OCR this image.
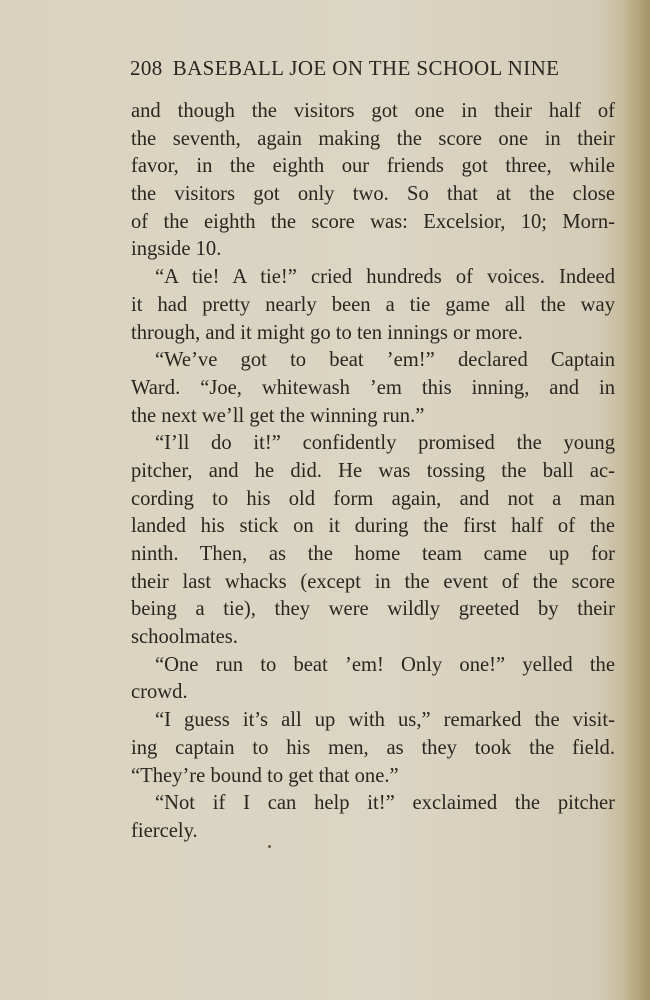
208 BASEBALL JOE ON THE SCHOOL NINE
and though the visitors got one in their half of
the seventh, again making the score one in their
favor, in the eighth our friends got three, while
the visitors got only two. So that at the close
of the eighth the score was: Excelsior, 10; Morn-
ingside 10.
“A tie! A tie!” cried hundreds of voices. Indeed
it had pretty nearly been a tie game all the way
through, and it might go to ten innings or more.
“We’ve got to beat ’em!” declared Captain
Ward. “Joe, whitewash ’em this inning, and in
the next we’ll get the winning run.”
“I’ll do it!” confidently promised the young
pitcher, and he did. He was tossing the ball ac-
cording to his old form again, and not a man
landed his stick on it during the first half of the
ninth. Then, as the home team came up for
their last whacks (except in the event of the score
being a tie), they were wildly greeted by their
schoolmates.
“One run to beat ’em! Only one!” yelled the
crowd.
“I guess it’s all up with us,” remarked the visit-
ing captain to his men, as they took the field.
“They’re bound to get that one.”
“Not if I can help it!” exclaimed the pitcher
fiercely.
